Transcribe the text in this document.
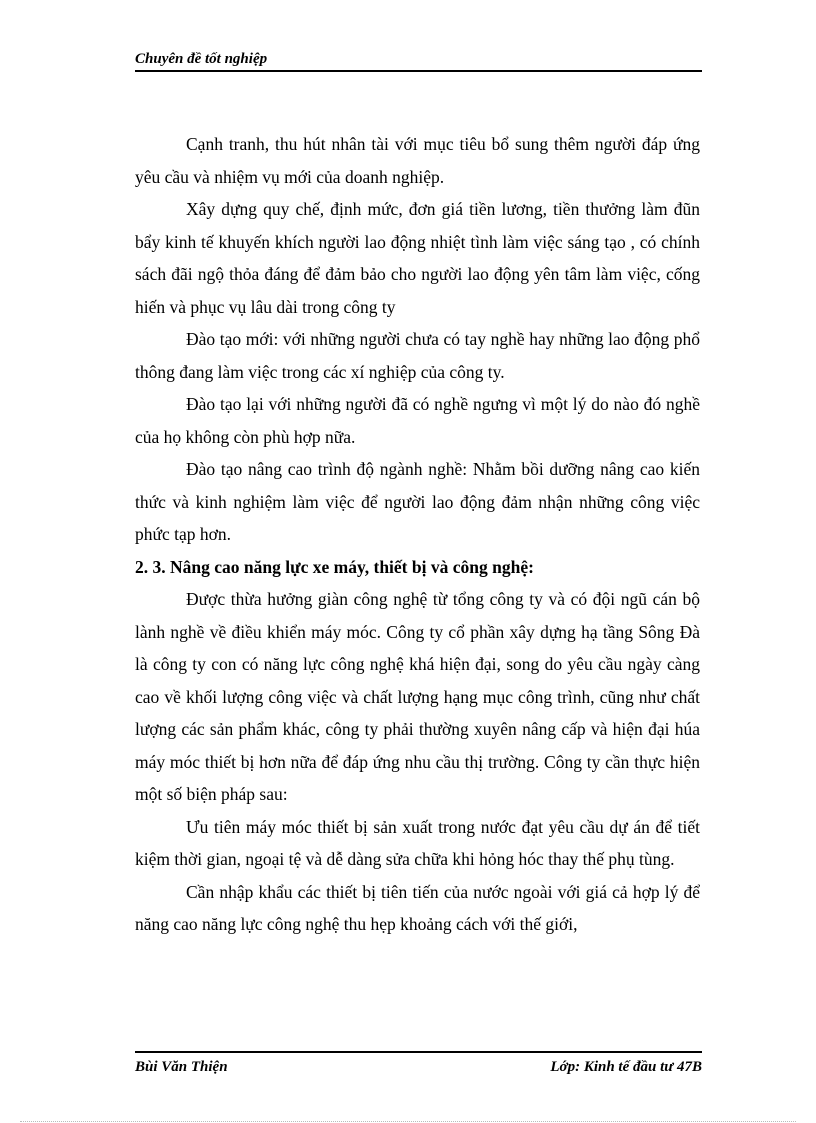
Chuyên đề tốt nghiệp

Cạnh tranh, thu hút nhân tài với mục tiêu bổ sung thêm người đáp ứng yêu cầu và nhiệm vụ mới của doanh nghiệp.

Xây dựng quy chế, định mức, đơn giá tiền lương, tiền thưởng làm đũn bẩy kinh tế khuyến khích người lao động nhiệt tình làm việc sáng tạo , có chính sách đãi ngộ thỏa đáng để đảm bảo cho người lao động yên tâm làm việc, cống hiến và phục vụ lâu dài trong công ty

Đào tạo mới: với những người chưa có tay nghề hay những lao động phổ thông đang làm việc trong các xí nghiệp của công ty.

Đào tạo lại với những người đã có nghề ngưng vì một lý do nào đó nghề của họ không còn phù hợp nữa.

Đào tạo nâng cao trình độ ngành nghề: Nhằm bồi dưỡng nâng cao kiến thức và kinh nghiệm làm việc để người lao động đảm nhận những công việc phức tạp hơn.

2. 3. Nâng cao năng lực xe máy, thiết bị và công nghệ:

Được thừa hưởng giàn công nghệ từ tổng công ty và có đội ngũ cán bộ lành nghề về điều khiển máy móc. Công ty cổ phần xây dựng hạ tầng Sông Đà là công ty con có năng lực công nghệ khá hiện đại, song do yêu cầu ngày càng cao về khối lượng công việc và chất lượng hạng mục công trình, cũng như chất lượng các sản phẩm khác, công ty phải thường xuyên nâng cấp và hiện đại húa máy móc thiết bị hơn nữa để đáp ứng nhu cầu thị trường. Công ty cần thực hiện một số biện pháp sau:

Ưu tiên máy móc thiết bị sản xuất trong nước đạt yêu cầu dự án để tiết kiệm thời gian, ngoại tệ và dễ dàng sửa chữa khi hỏng hóc thay thế phụ tùng.

Cần nhập khẩu các thiết bị tiên tiến của nước ngoài với giá cả hợp lý để năng cao năng lực công nghệ thu hẹp khoảng cách với thế giới,

Bùi Văn Thiện	Lớp: Kinh tế đầu tư 47B
